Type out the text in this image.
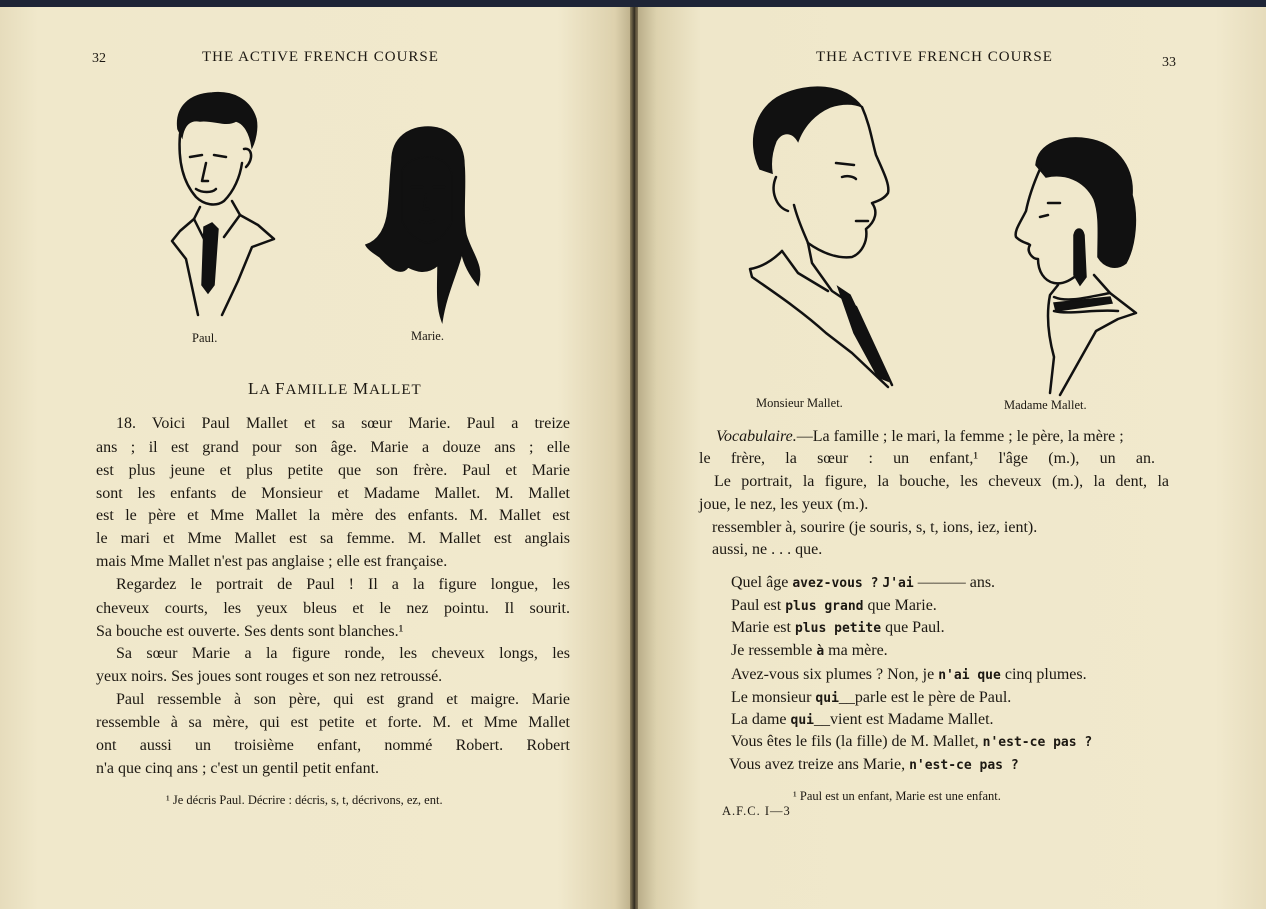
32	THE ACTIVE FRENCH COURSE
Paul.	Marie.
LA FAMILLE MALLET
18. Voici Paul Mallet et sa sœur Marie. Paul a treize
ans ; il est grand pour son âge. Marie a douze ans ; elle
est plus jeune et plus petite que son frère. Paul et Marie
sont les enfants de Monsieur et Madame Mallet. M. Mallet
est le père et Mme Mallet la mère des enfants. M. Mallet est
le mari et Mme Mallet est sa femme. M. Mallet est anglais
mais Mme Mallet n'est pas anglaise ; elle est française.
Regardez le portrait de Paul ! Il a la figure longue, les
cheveux courts, les yeux bleus et le nez pointu. Il sourit.
Sa bouche est ouverte. Ses dents sont blanches.¹
Sa sœur Marie a la figure ronde, les cheveux longs, les
yeux noirs. Ses joues sont rouges et son nez retroussé.
Paul ressemble à son père, qui est grand et maigre. Marie
ressemble à sa mère, qui est petite et forte. M. et Mme Mallet
ont aussi un troisième enfant, nommé Robert. Robert
n'a que cinq ans ; c'est un gentil petit enfant.
¹ Je décris Paul. Décrire : décris, s, t, décrivons, ez, ent.
THE ACTIVE FRENCH COURSE	33
Monsieur Mallet.	Madame Mallet.
Vocabulaire.—La famille ; le mari, la femme ; le père, la mère ;
le frère, la sœur : un enfant,¹ l'âge (m.), un an.
Le portrait, la figure, la bouche, les cheveux (m.), la dent, la
joue, le nez, les yeux (m.).
ressembler à, sourire (je souris, s, t, ions, iez, ient).
aussi, ne . . . que.
Quel âge avez-vous ? J'ai ——— ans.
Paul est plus grand que Marie.
Marie est plus petite que Paul.
Je ressemble à ma mère.
Avez-vous six plumes ? Non, je n'ai que cinq plumes.
Le monsieur qui__parle est le père de Paul.
La dame qui__vient est Madame Mallet.
Vous êtes le fils (la fille) de M. Mallet, n'est-ce pas ?
Vous avez treize ans Marie, n'est-ce pas ?
¹ Paul est un enfant, Marie est une enfant.
A.F.C. I—3
